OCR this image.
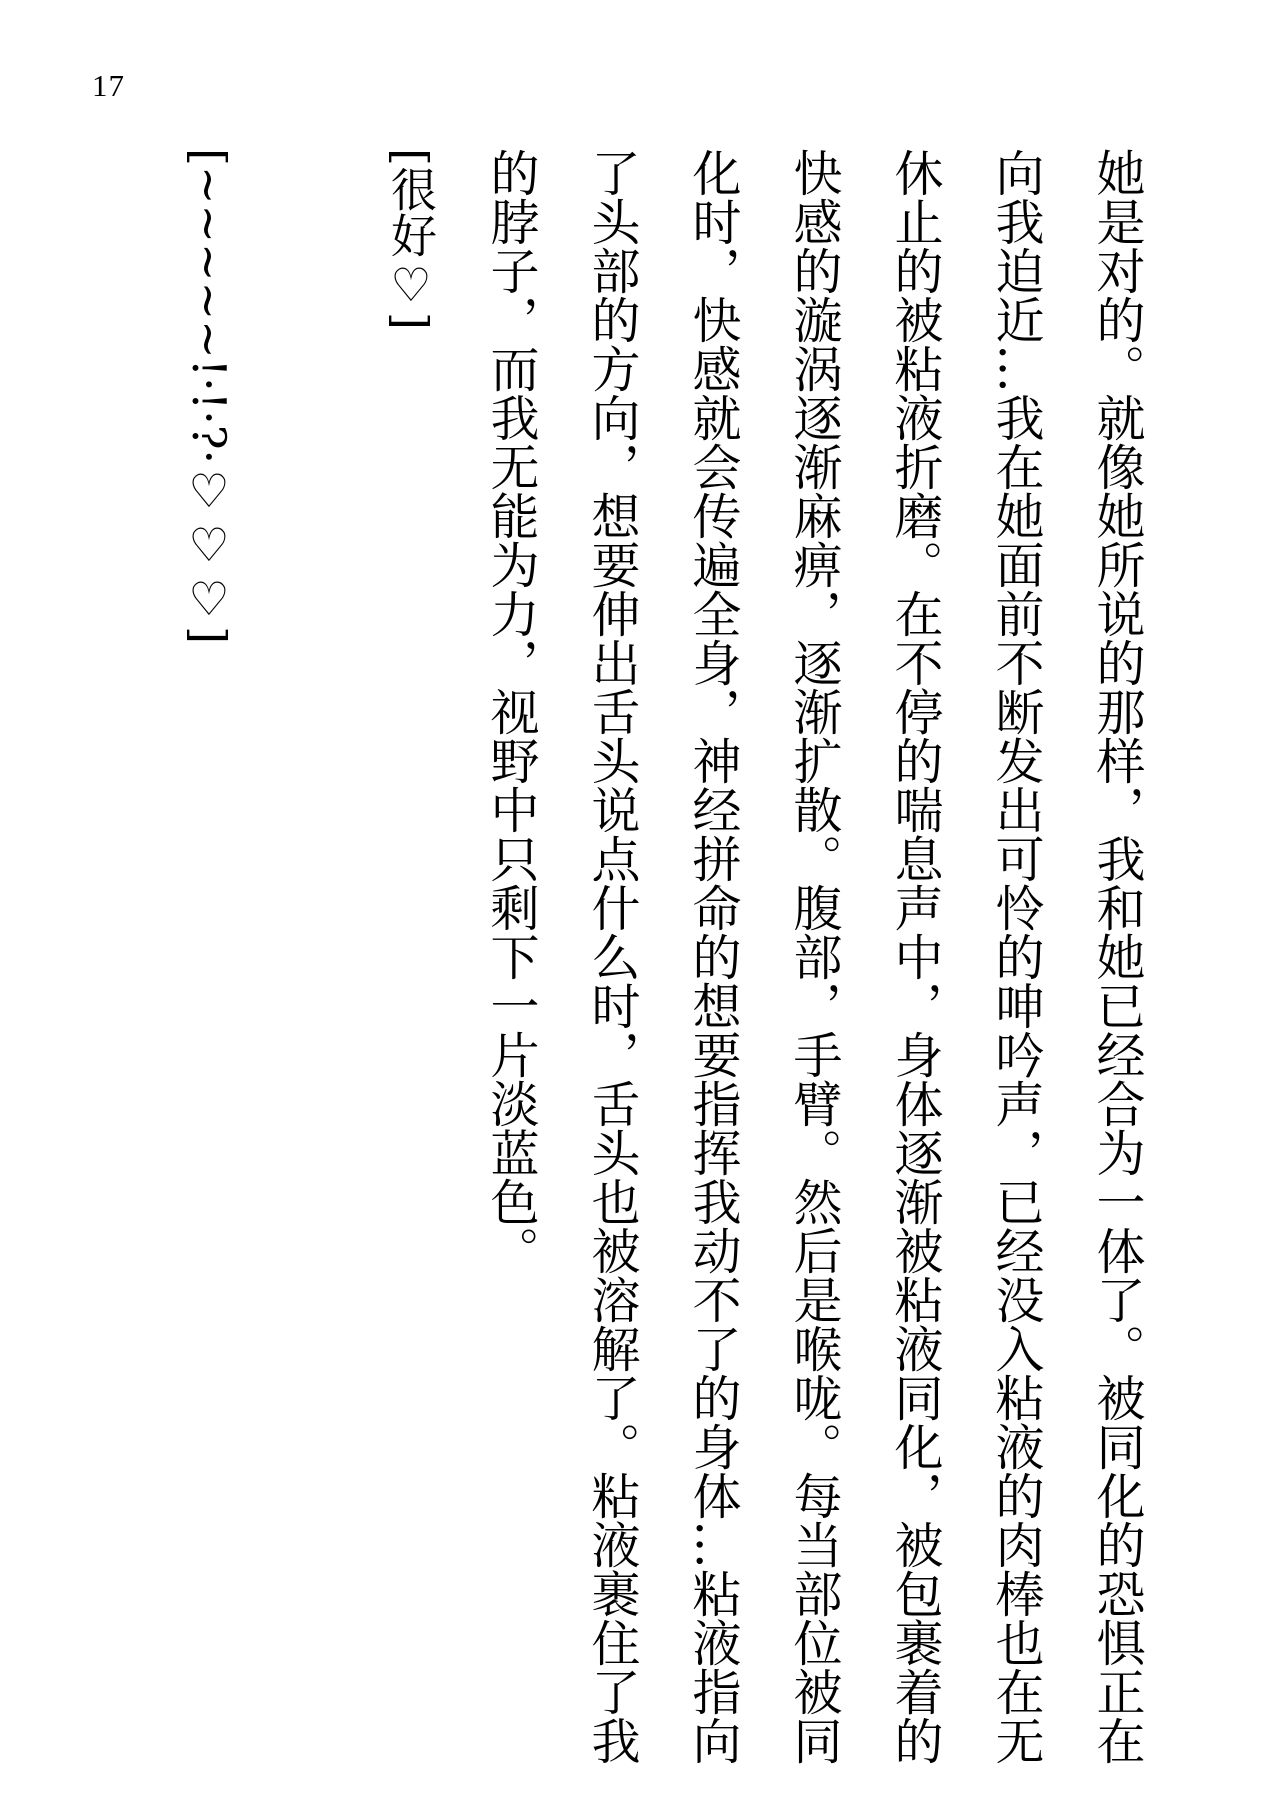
17

她是对的。就像她所说的那样，我和她已经合为一体了。被同化的恐惧正在向我迫近…我在她面前不断发出可怜的呻吟声，已经没入粘液的肉棒也在无休止的被粘液折磨。在不停的喘息声中，身体逐渐被粘液同化，被包裹着的快感的漩涡逐渐麻痹，逐渐扩散。腹部，手臂。然后是喉咙。每当部位被同化时，快感就会传遍全身，神经拼命的想要指挥我动不了的身体…粘液指向了头部的方向，想要伸出舌头说点什么时，舌头也被溶解了。粘液裹住了我的脖子，而我无能为力，视野中只剩下一片淡蓝色。

[很好♡]

[~~~~~!·!·?·♡♡♡]
